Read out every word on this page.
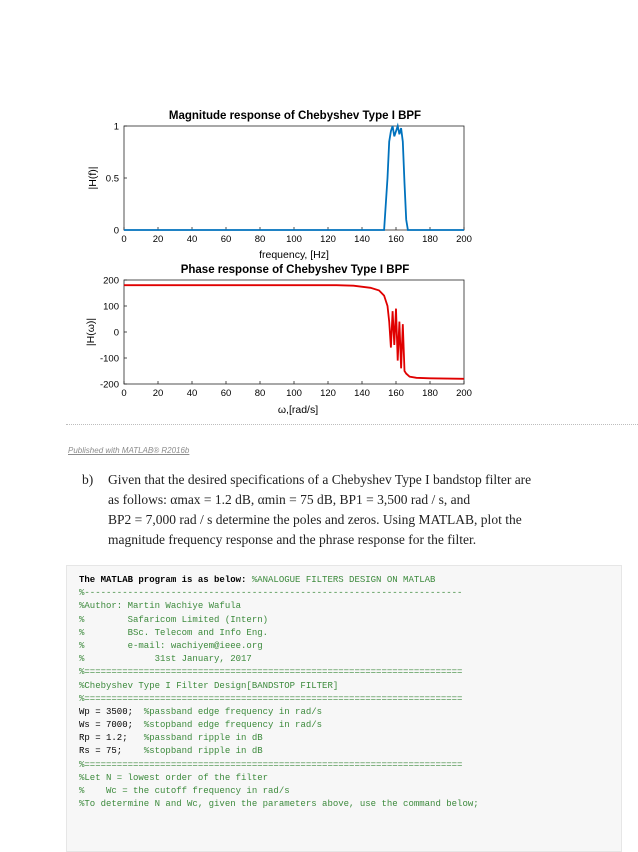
Magnitude response of Chebyshev Type I BPF
0	20 40 60 80 100 120 140 160 180 200
0
0.5
1
frequency, [Hz]
|H(f)|
Phase response of Chebyshev Type I BPF
0	20 40 60 80 100 120 140 160 180 200
200
100
0
-100
-200
ω,[rad/s]
|H(ω)|
Published with MATLAB® R2016b
b) Given that the desired specifications of a Chebyshev Type I bandstop filter are
as follows: αmax = 1.2 dB, αmin = 75 dB, BP1 = 3,500 rad / s, and
BP2 = 7,000 rad / s determine the poles and zeros. Using MATLAB, plot the
magnitude frequency response and the phrase response for the filter.
The MATLAB program is as below: %ANALOGUE FILTERS DESIGN ON MATLAB
%----------------------------------------------------------------------
%Author: Martin Wachiye Wafula
%        Safaricom Limited (Intern)
%        BSc. Telecom and Info Eng.
%        e-mail: wachiyem@ieee.org
%             31st January, 2017
%======================================================================
%Chebyshev Type I Filter Design[BANDSTOP FILTER]
%======================================================================
Wp = 3500;  %passband edge frequency in rad/s
Ws = 7000;  %stopband edge frequency in rad/s
Rp = 1.2;   %passband ripple in dB
Rs = 75;    %stopband ripple in dB
%======================================================================
%Let N = lowest order of the filter
%    Wc = the cutoff frequency in rad/s
%To determine N and Wc, given the parameters above, use the command below;
